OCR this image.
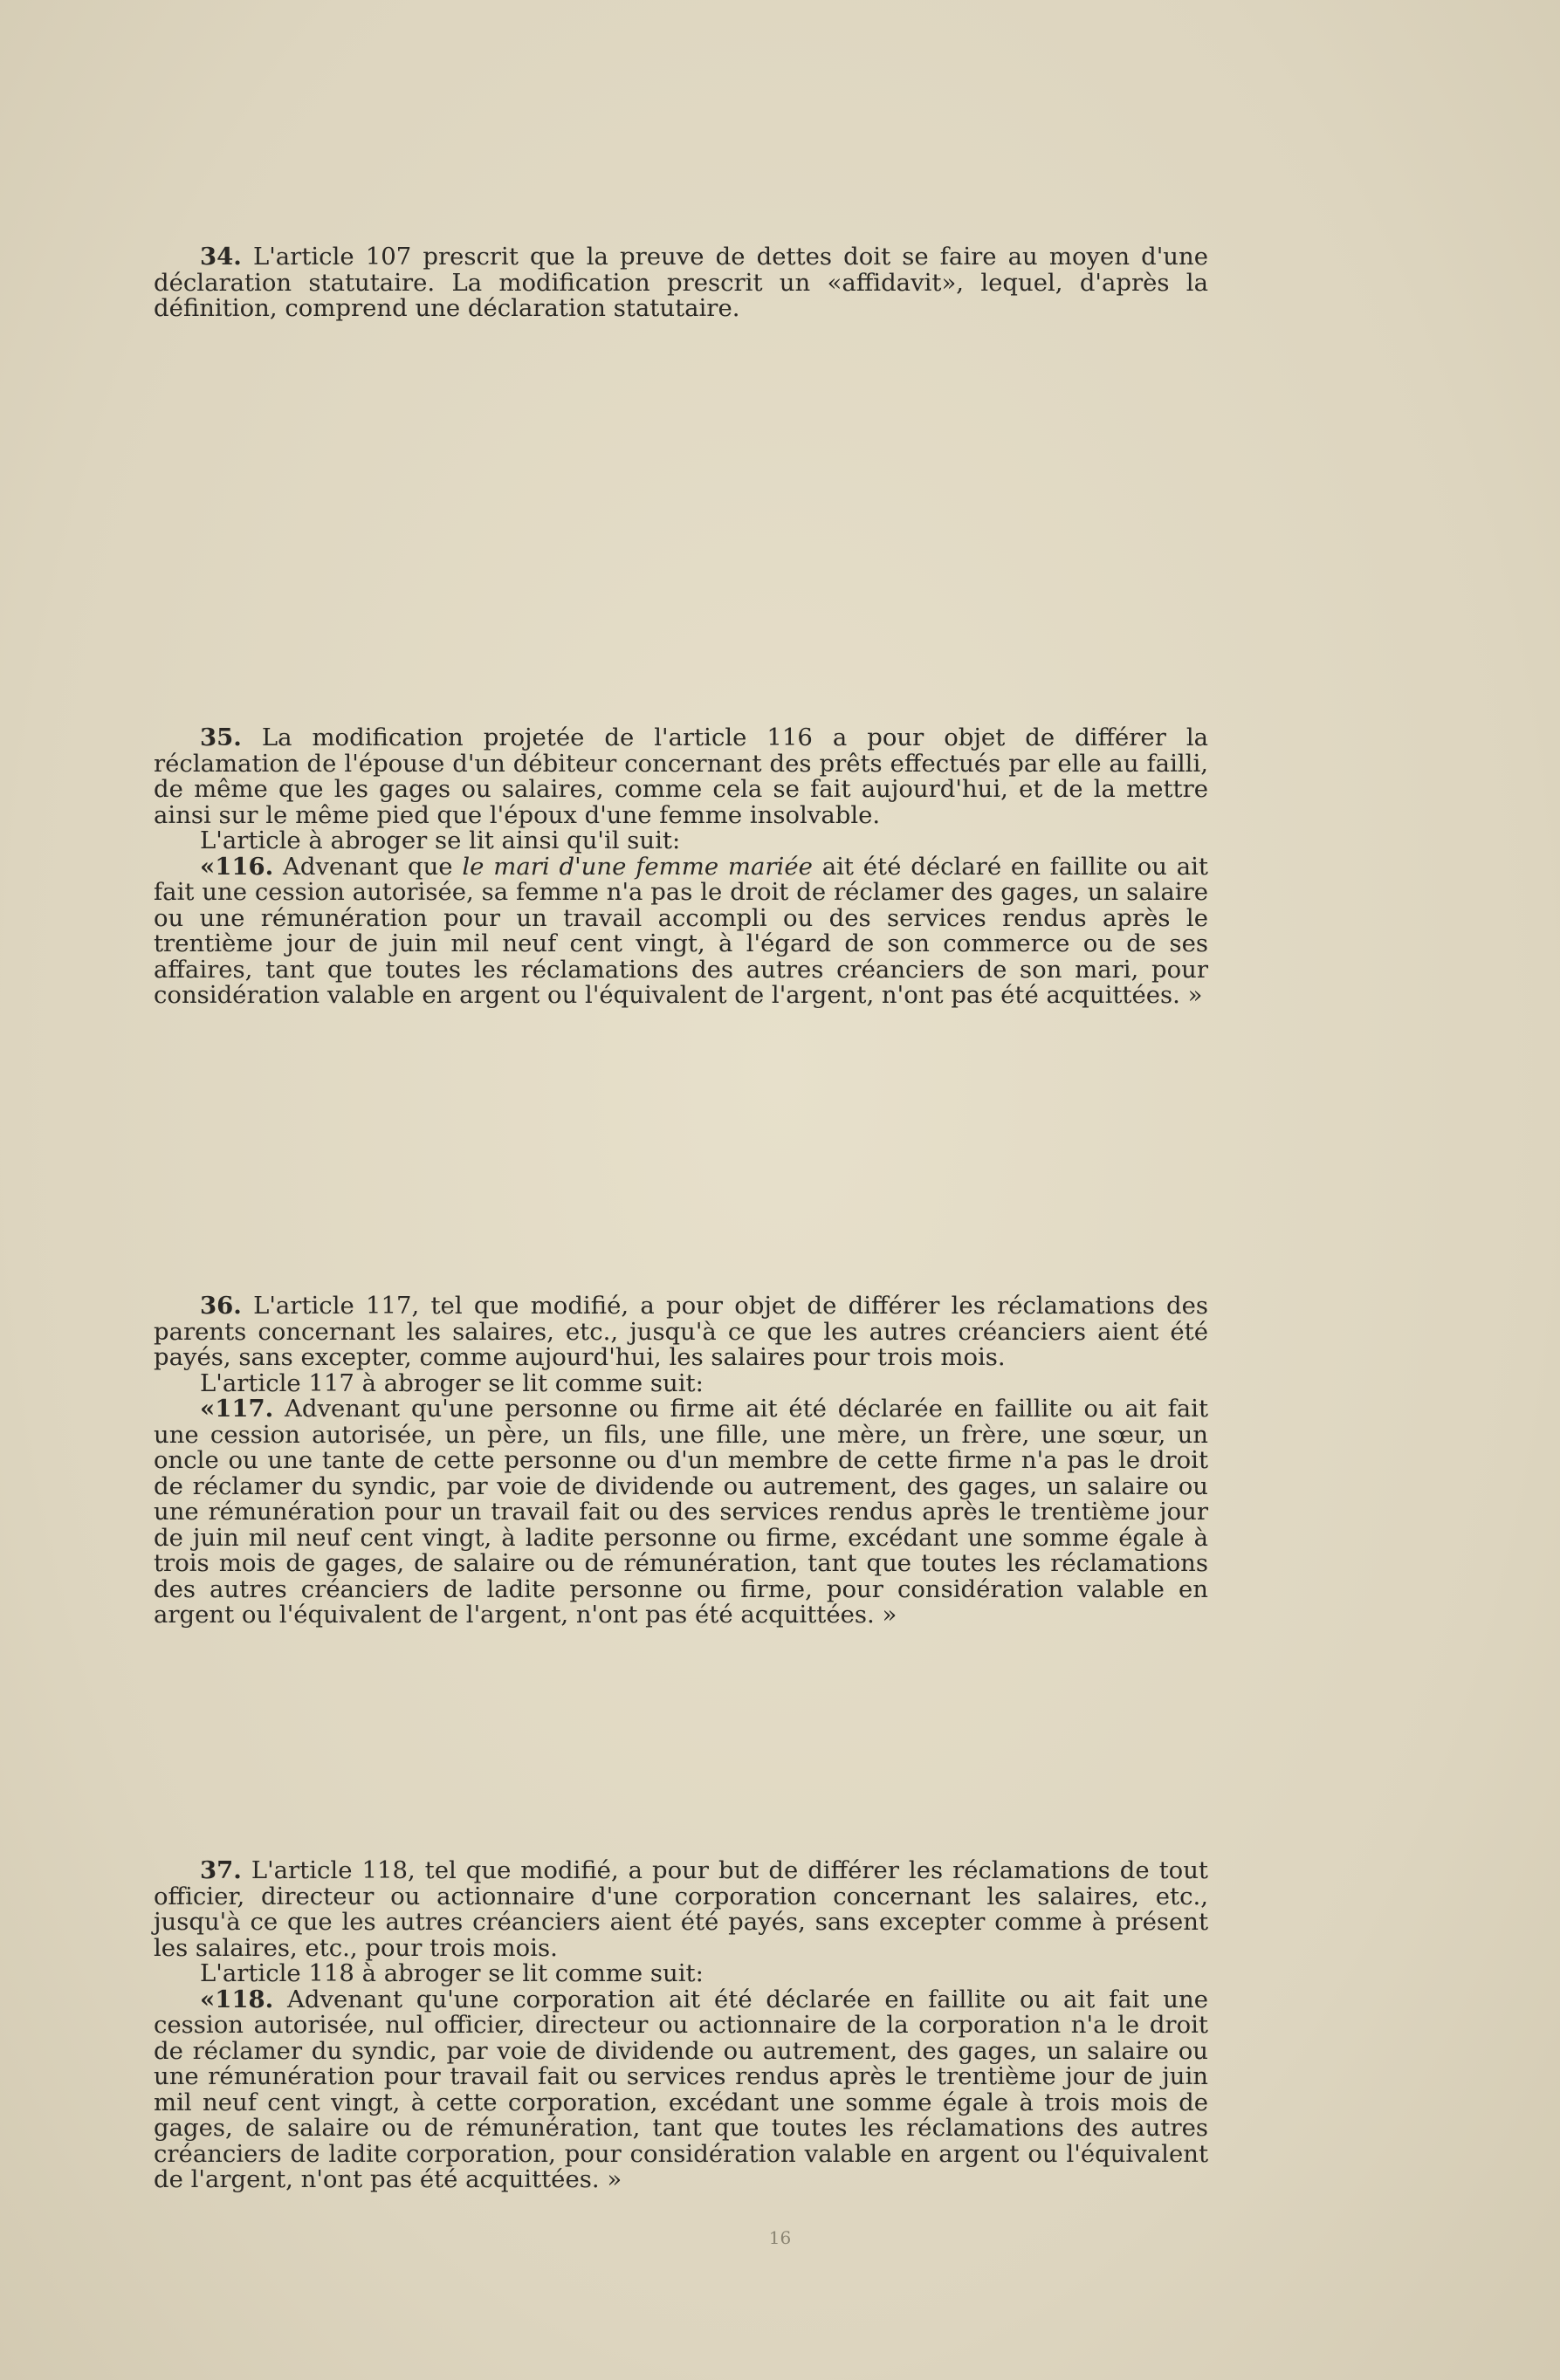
34. L'article 107 prescrit que la preuve de dettes doit se faire au moyen d'une déclaration statutaire. La modification prescrit un «affidavit», lequel, d'après la définition, comprend une déclaration statutaire.

35. La modification projetée de l'article 116 a pour objet de différer la réclamation de l'épouse d'un débiteur concernant des prêts effectués par elle au failli, de même que les gages ou salaires, comme cela se fait aujourd'hui, et de la mettre ainsi sur le même pied que l'époux d'une femme insolvable.

L'article à abroger se lit ainsi qu'il suit:

«116. Advenant que le mari d'une femme mariée ait été déclaré en faillite ou ait fait une cession autorisée, sa femme n'a pas le droit de réclamer des gages, un salaire ou une rémunération pour un travail accompli ou des services rendus après le trentième jour de juin mil neuf cent vingt, à l'égard de son commerce ou de ses affaires, tant que toutes les réclamations des autres créanciers de son mari, pour considération valable en argent ou l'équivalent de l'argent, n'ont pas été acquittées. »

36. L'article 117, tel que modifié, a pour objet de différer les réclamations des parents concernant les salaires, etc., jusqu'à ce que les autres créanciers aient été payés, sans excepter, comme aujourd'hui, les salaires pour trois mois.

L'article 117 à abroger se lit comme suit:

«117. Advenant qu'une personne ou firme ait été déclarée en faillite ou ait fait une cession autorisée, un père, un fils, une fille, une mère, un frère, une sœur, un oncle ou une tante de cette personne ou d'un membre de cette firme n'a pas le droit de réclamer du syndic, par voie de dividende ou autrement, des gages, un salaire ou une rémunération pour un travail fait ou des services rendus après le trentième jour de juin mil neuf cent vingt, à ladite personne ou firme, excédant une somme égale à trois mois de gages, de salaire ou de rémunération, tant que toutes les réclamations des autres créanciers de ladite personne ou firme, pour considération valable en argent ou l'équivalent de l'argent, n'ont pas été acquittées. »

37. L'article 118, tel que modifié, a pour but de différer les réclamations de tout officier, directeur ou actionnaire d'une corporation concernant les salaires, etc., jusqu'à ce que les autres créanciers aient été payés, sans excepter comme à présent les salaires, etc., pour trois mois.

L'article 118 à abroger se lit comme suit:

«118. Advenant qu'une corporation ait été déclarée en faillite ou ait fait une cession autorisée, nul officier, directeur ou actionnaire de la corporation n'a le droit de réclamer du syndic, par voie de dividende ou autrement, des gages, un salaire ou une rémunération pour travail fait ou services rendus après le trentième jour de juin mil neuf cent vingt, à cette corporation, excédant une somme égale à trois mois de gages, de salaire ou de rémunération, tant que toutes les réclamations des autres créanciers de ladite corporation, pour considération valable en argent ou l'équivalent de l'argent, n'ont pas été acquittées. »

16
